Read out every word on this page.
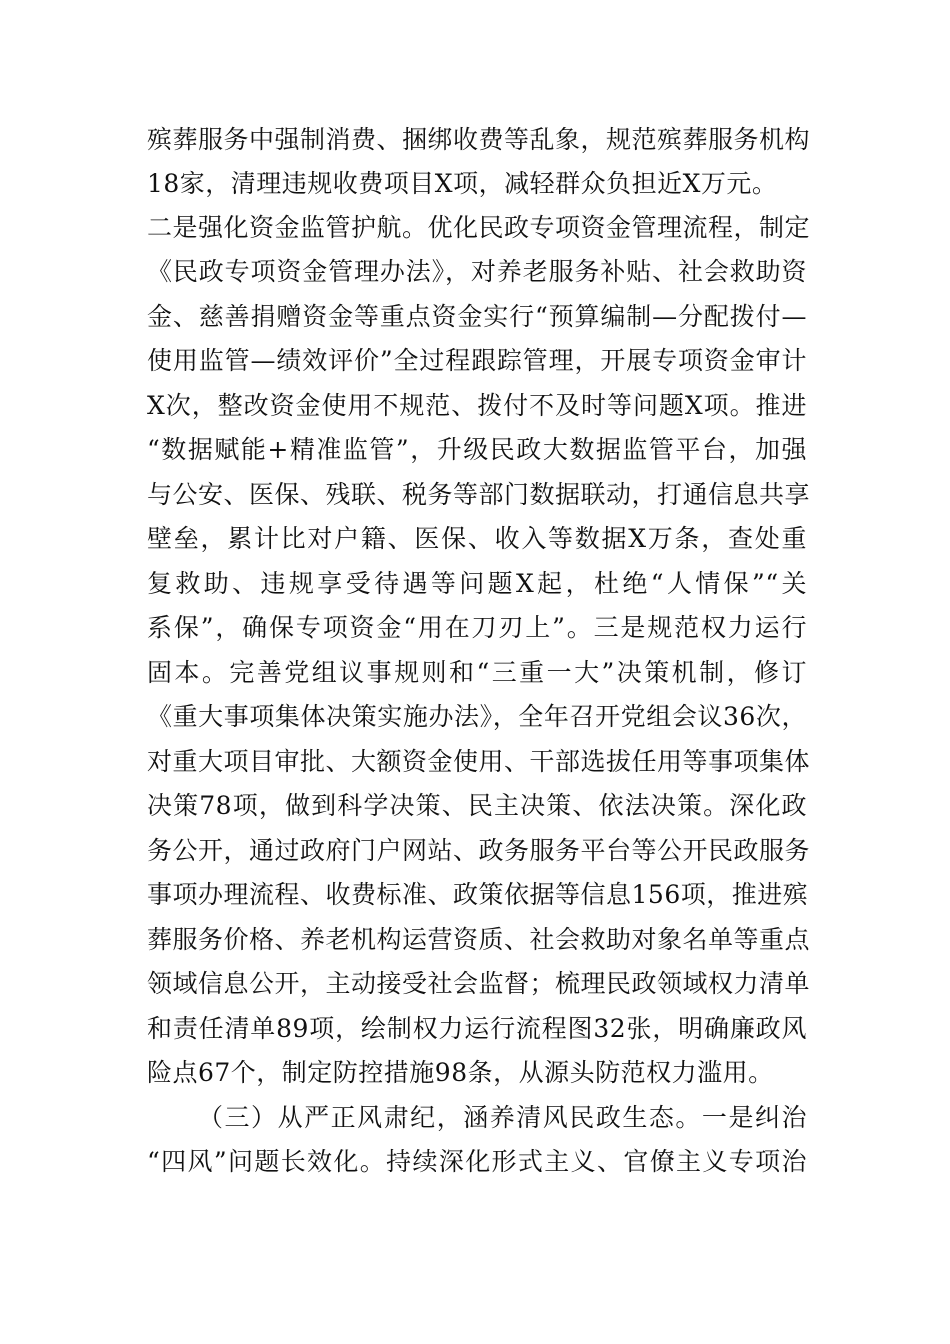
殡葬服务中强制消费、捆绑收费等乱象，规范殡葬服务机构
18家，清理违规收费项目X项，减轻群众负担近X万元。
二是强化资金监管护航。优化民政专项资金管理流程，制定
《民政专项资金管理办法》，对养老服务补贴、社会救助资
金、慈善捐赠资金等重点资金实行“预算编制—分配拨付—
使用监管—绩效评价”全过程跟踪管理，开展专项资金审计
X次，整改资金使用不规范、拨付不及时等问题X项。推进
“数据赋能+精准监管”，升级民政大数据监管平台，加强
与公安、医保、残联、税务等部门数据联动，打通信息共享
壁垒，累计比对户籍、医保、收入等数据X万条，查处重
复救助、违规享受待遇等问题X起，杜绝“人情保”“关
系保”，确保专项资金“用在刀刃上”。三是规范权力运行
固本。完善党组议事规则和“三重一大”决策机制，修订
《重大事项集体决策实施办法》，全年召开党组会议36次，
对重大项目审批、大额资金使用、干部选拔任用等事项集体
决策78项，做到科学决策、民主决策、依法决策。深化政
务公开，通过政府门户网站、政务服务平台等公开民政服务
事项办理流程、收费标准、政策依据等信息156项，推进殡
葬服务价格、养老机构运营资质、社会救助对象名单等重点
领域信息公开，主动接受社会监督；梳理民政领域权力清单
和责任清单89项，绘制权力运行流程图32张，明确廉政风
险点67个，制定防控措施98条，从源头防范权力滥用。
（三）从严正风肃纪，涵养清风民政生态。一是纠治
“四风”问题长效化。持续深化形式主义、官僚主义专项治
